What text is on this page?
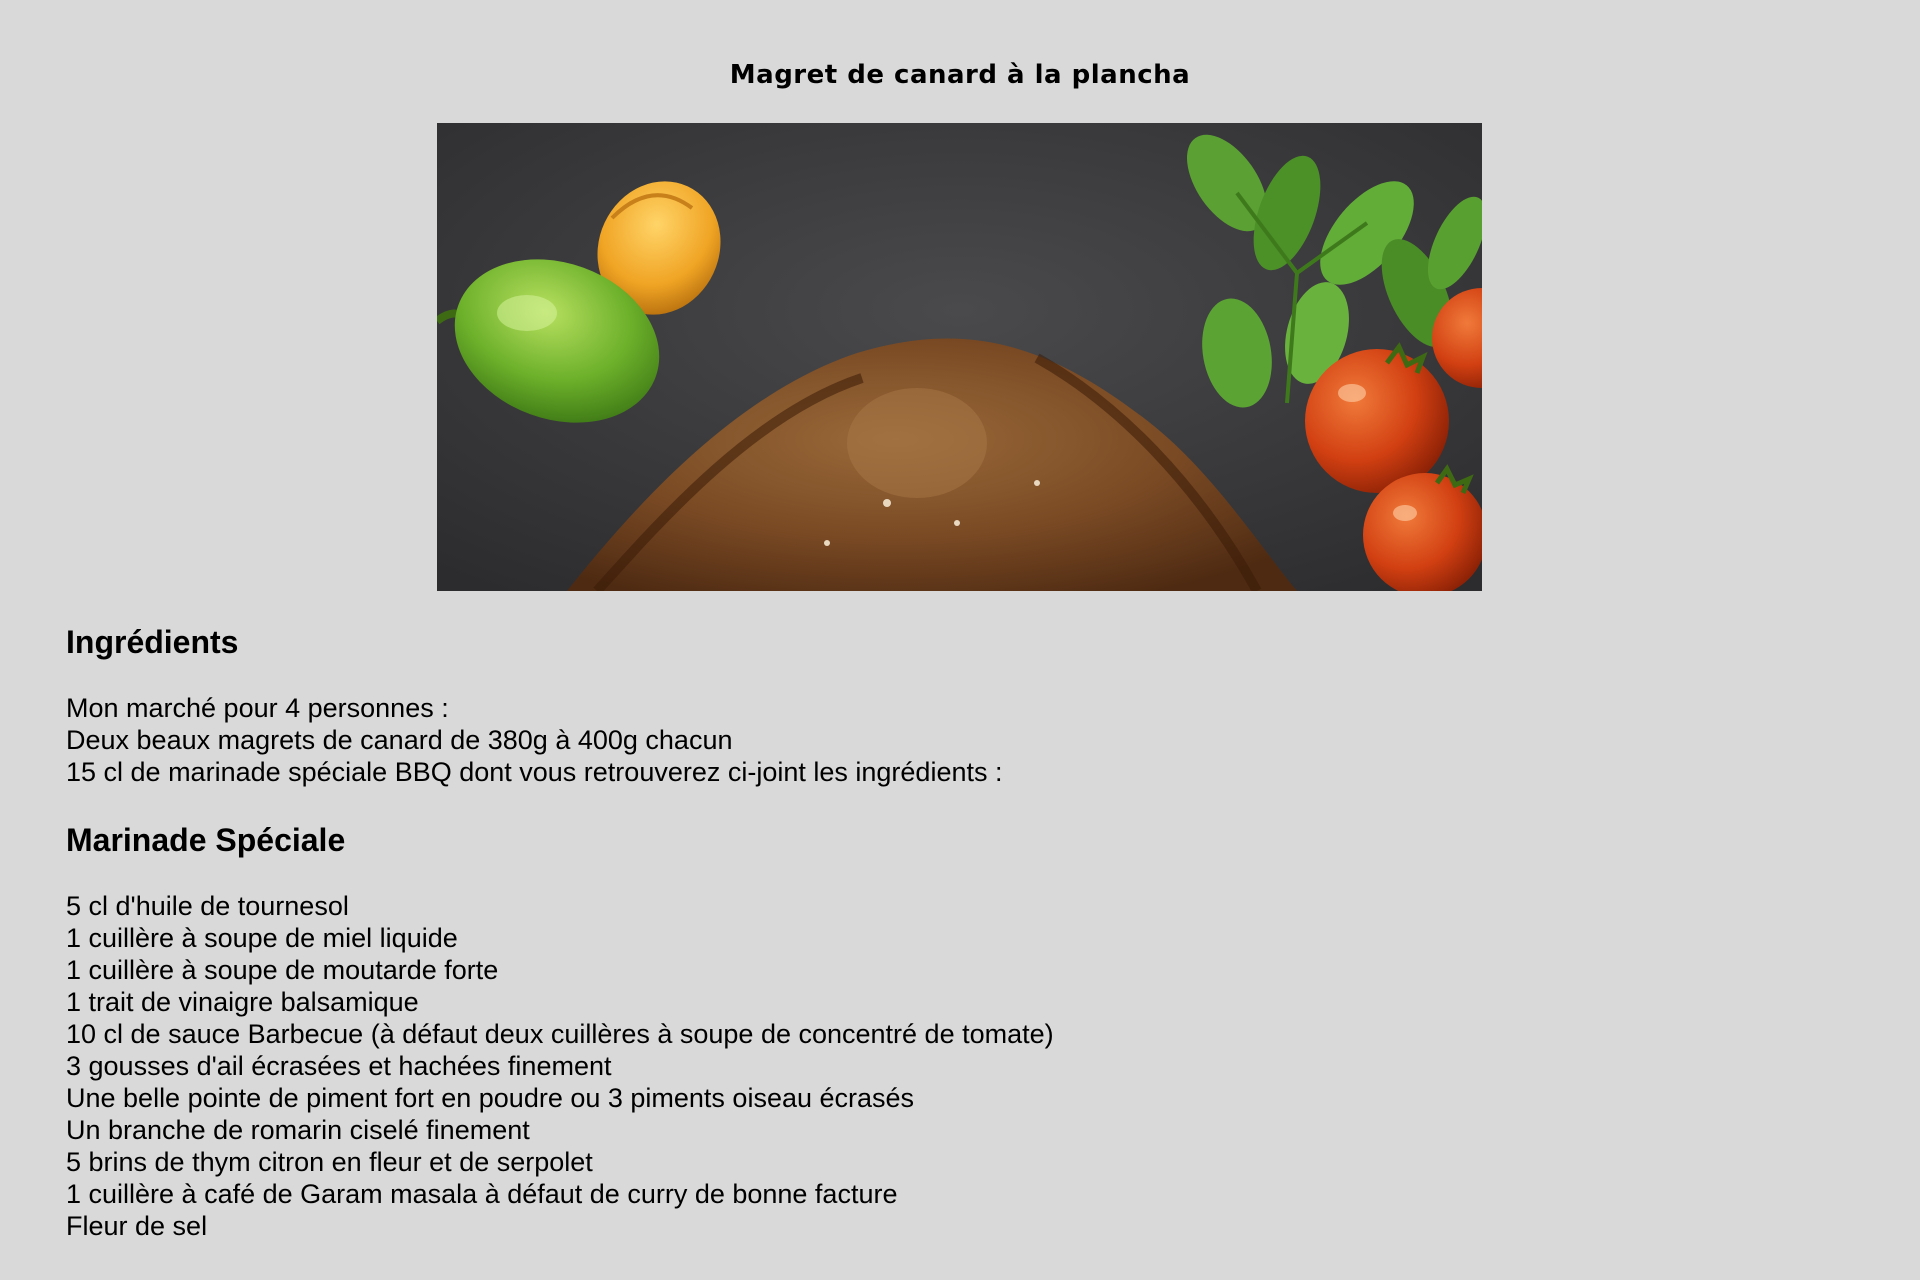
Magret de canard à la plancha
Ingrédients
Mon marché pour 4 personnes :
Deux beaux magrets de canard de 380g à 400g chacun
15 cl de marinade spéciale BBQ dont vous retrouverez ci-joint les ingrédients :
Marinade Spéciale
5 cl d'huile de tournesol
1 cuillère à soupe de miel liquide
1 cuillère à soupe de moutarde forte
1 trait de vinaigre balsamique
10 cl de sauce Barbecue (à défaut deux cuillères à soupe de concentré de tomate)
3 gousses d'ail écrasées et hachées finement
Une belle pointe de piment fort en poudre ou 3 piments oiseau écrasés
Un branche de romarin ciselé finement
5 brins de thym citron en fleur et de serpolet
1 cuillère à café de Garam masala à défaut de curry de bonne facture
Fleur de sel
